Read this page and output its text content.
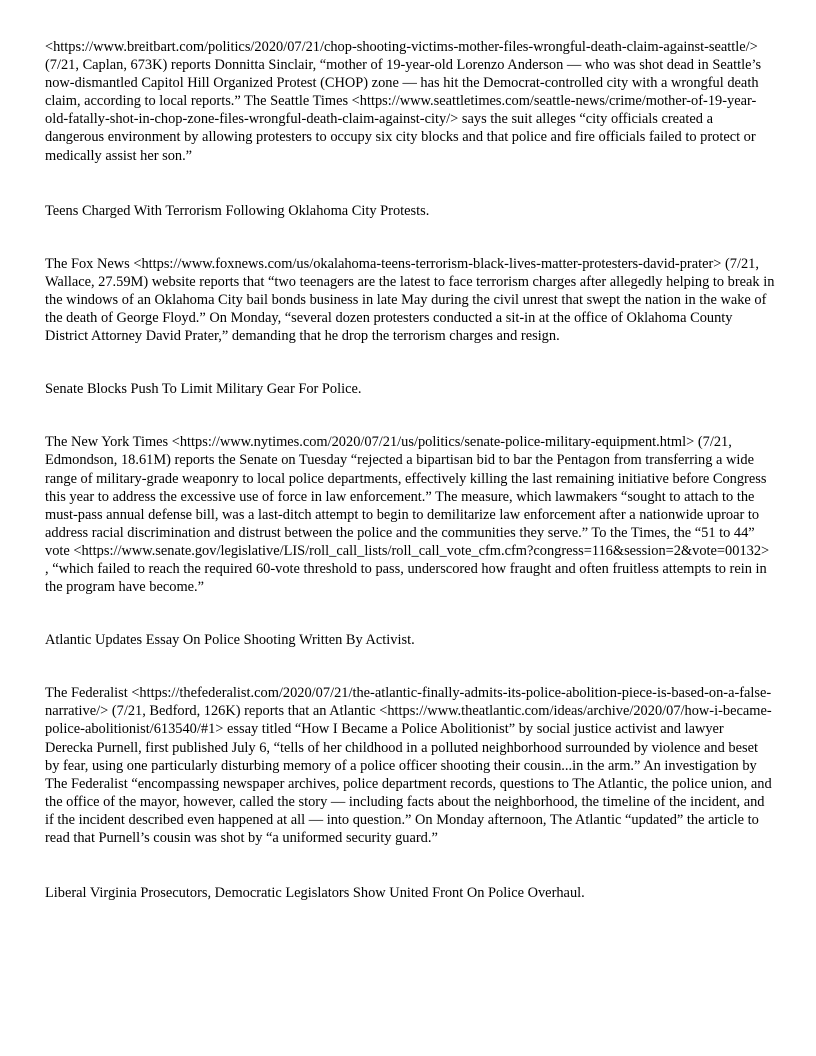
<https://www.breitbart.com/politics/2020/07/21/chop-shooting-victims-mother-files-wrongful-death-claim-against-seattle/> (7/21, Caplan, 673K) reports Donnitta Sinclair, “mother of 19-year-old Lorenzo Anderson — who was shot dead in Seattle’s now-dismantled Capitol Hill Organized Protest (CHOP) zone — has hit the Democrat-controlled city with a wrongful death claim, according to local reports.” The Seattle Times <https://www.seattletimes.com/seattle-news/crime/mother-of-19-year-old-fatally-shot-in-chop-zone-files-wrongful-death-claim-against-city/> says the suit alleges “city officials created a dangerous environment by allowing protesters to occupy six city blocks and that police and fire officials failed to protect or medically assist her son.”

Teens Charged With Terrorism Following Oklahoma City Protests.

The Fox News <https://www.foxnews.com/us/okalahoma-teens-terrorism-black-lives-matter-protesters-david-prater> (7/21, Wallace, 27.59M) website reports that “two teenagers are the latest to face terrorism charges after allegedly helping to break in the windows of an Oklahoma City bail bonds business in late May during the civil unrest that swept the nation in the wake of the death of George Floyd.” On Monday, “several dozen protesters conducted a sit-in at the office of Oklahoma County District Attorney David Prater,” demanding that he drop the terrorism charges and resign.

Senate Blocks Push To Limit Military Gear For Police.

The New York Times <https://www.nytimes.com/2020/07/21/us/politics/senate-police-military-equipment.html> (7/21, Edmondson, 18.61M) reports the Senate on Tuesday “rejected a bipartisan bid to bar the Pentagon from transferring a wide range of military-grade weaponry to local police departments, effectively killing the last remaining initiative before Congress this year to address the excessive use of force in law enforcement.” The measure, which lawmakers “sought to attach to the must-pass annual defense bill, was a last-ditch attempt to begin to demilitarize law enforcement after a nationwide uproar to address racial discrimination and distrust between the police and the communities they serve.” To the Times, the “51 to 44” vote <https://www.senate.gov/legislative/LIS/roll_call_lists/roll_call_vote_cfm.cfm?congress=116&session=2&vote=00132> , “which failed to reach the required 60-vote threshold to pass, underscored how fraught and often fruitless attempts to rein in the program have become.”

Atlantic Updates Essay On Police Shooting Written By Activist.

The Federalist <https://thefederalist.com/2020/07/21/the-atlantic-finally-admits-its-police-abolition-piece-is-based-on-a-false-narrative/> (7/21, Bedford, 126K) reports that an Atlantic <https://www.theatlantic.com/ideas/archive/2020/07/how-i-became-police-abolitionist/613540/#1> essay titled “How I Became a Police Abolitionist” by social justice activist and lawyer Derecka Purnell, first published July 6, “tells of her childhood in a polluted neighborhood surrounded by violence and beset by fear, using one particularly disturbing memory of a police officer shooting their cousin...in the arm.” An investigation by The Federalist “encompassing newspaper archives, police department records, questions to The Atlantic, the police union, and the office of the mayor, however, called the story — including facts about the neighborhood, the timeline of the incident, and if the incident described even happened at all — into question.” On Monday afternoon, The Atlantic “updated” the article to read that Purnell’s cousin was shot by “a uniformed security guard.”

Liberal Virginia Prosecutors, Democratic Legislators Show United Front On Police Overhaul.
